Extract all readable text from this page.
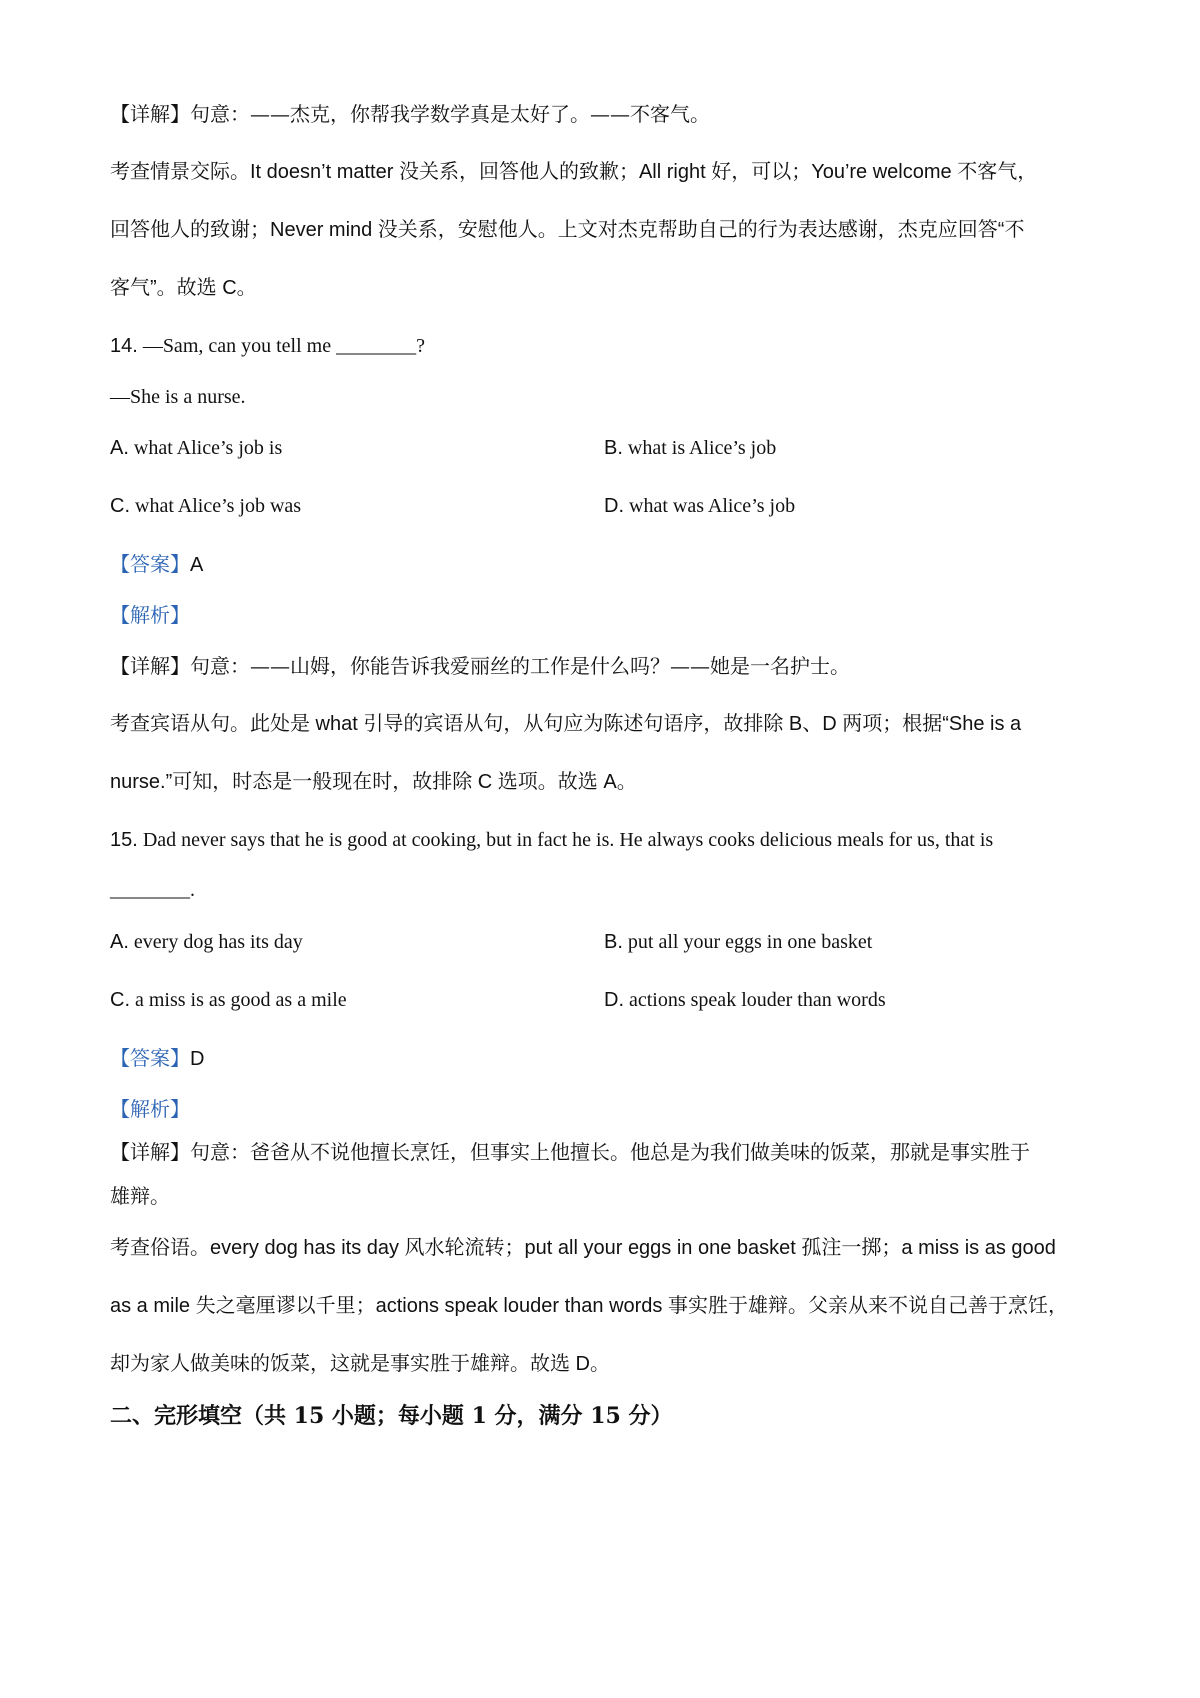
【详解】句意：——杰克，你帮我学数学真是太好了。——不客气。
考查情景交际。It doesn’t matter 没关系，回答他人的致歉；All right 好，可以；You’re welcome 不客气，
回答他人的致谢；Never mind 没关系，安慰他人。上文对杰克帮助自己的行为表达感谢，杰克应回答“不
客气”。故选 C。
14. —Sam, can you tell me ________?
—She is a nurse.
A. what Alice’s job is	B. what is Alice’s job
C. what Alice’s job was	D. what was Alice’s job
【答案】A
【解析】
【详解】句意：——山姆，你能告诉我爱丽丝的工作是什么吗？——她是一名护士。
考查宾语从句。此处是 what 引导的宾语从句，从句应为陈述句语序，故排除 B、D 两项；根据“She is a
nurse.”可知，时态是一般现在时，故排除 C 选项。故选 A。
15. Dad never says that he is good at cooking, but in fact he is. He always cooks delicious meals for us, that is
________.
A. every dog has its day	B. put all your eggs in one basket
C. a miss is as good as a mile	D. actions speak louder than words
【答案】D
【解析】
【详解】句意：爸爸从不说他擅长烹饪，但事实上他擅长。他总是为我们做美味的饭菜，那就是事实胜于
雄辩。
考查俗语。every dog has its day 风水轮流转；put all your eggs in one basket 孤注一掷；a miss is as good
as a mile 失之毫厘谬以千里；actions speak louder than words 事实胜于雄辩。父亲从来不说自己善于烹饪，
却为家人做美味的饭菜，这就是事实胜于雄辩。故选 D。
二、完形填空（共 15 小题；每小题 1 分，满分 15 分）
